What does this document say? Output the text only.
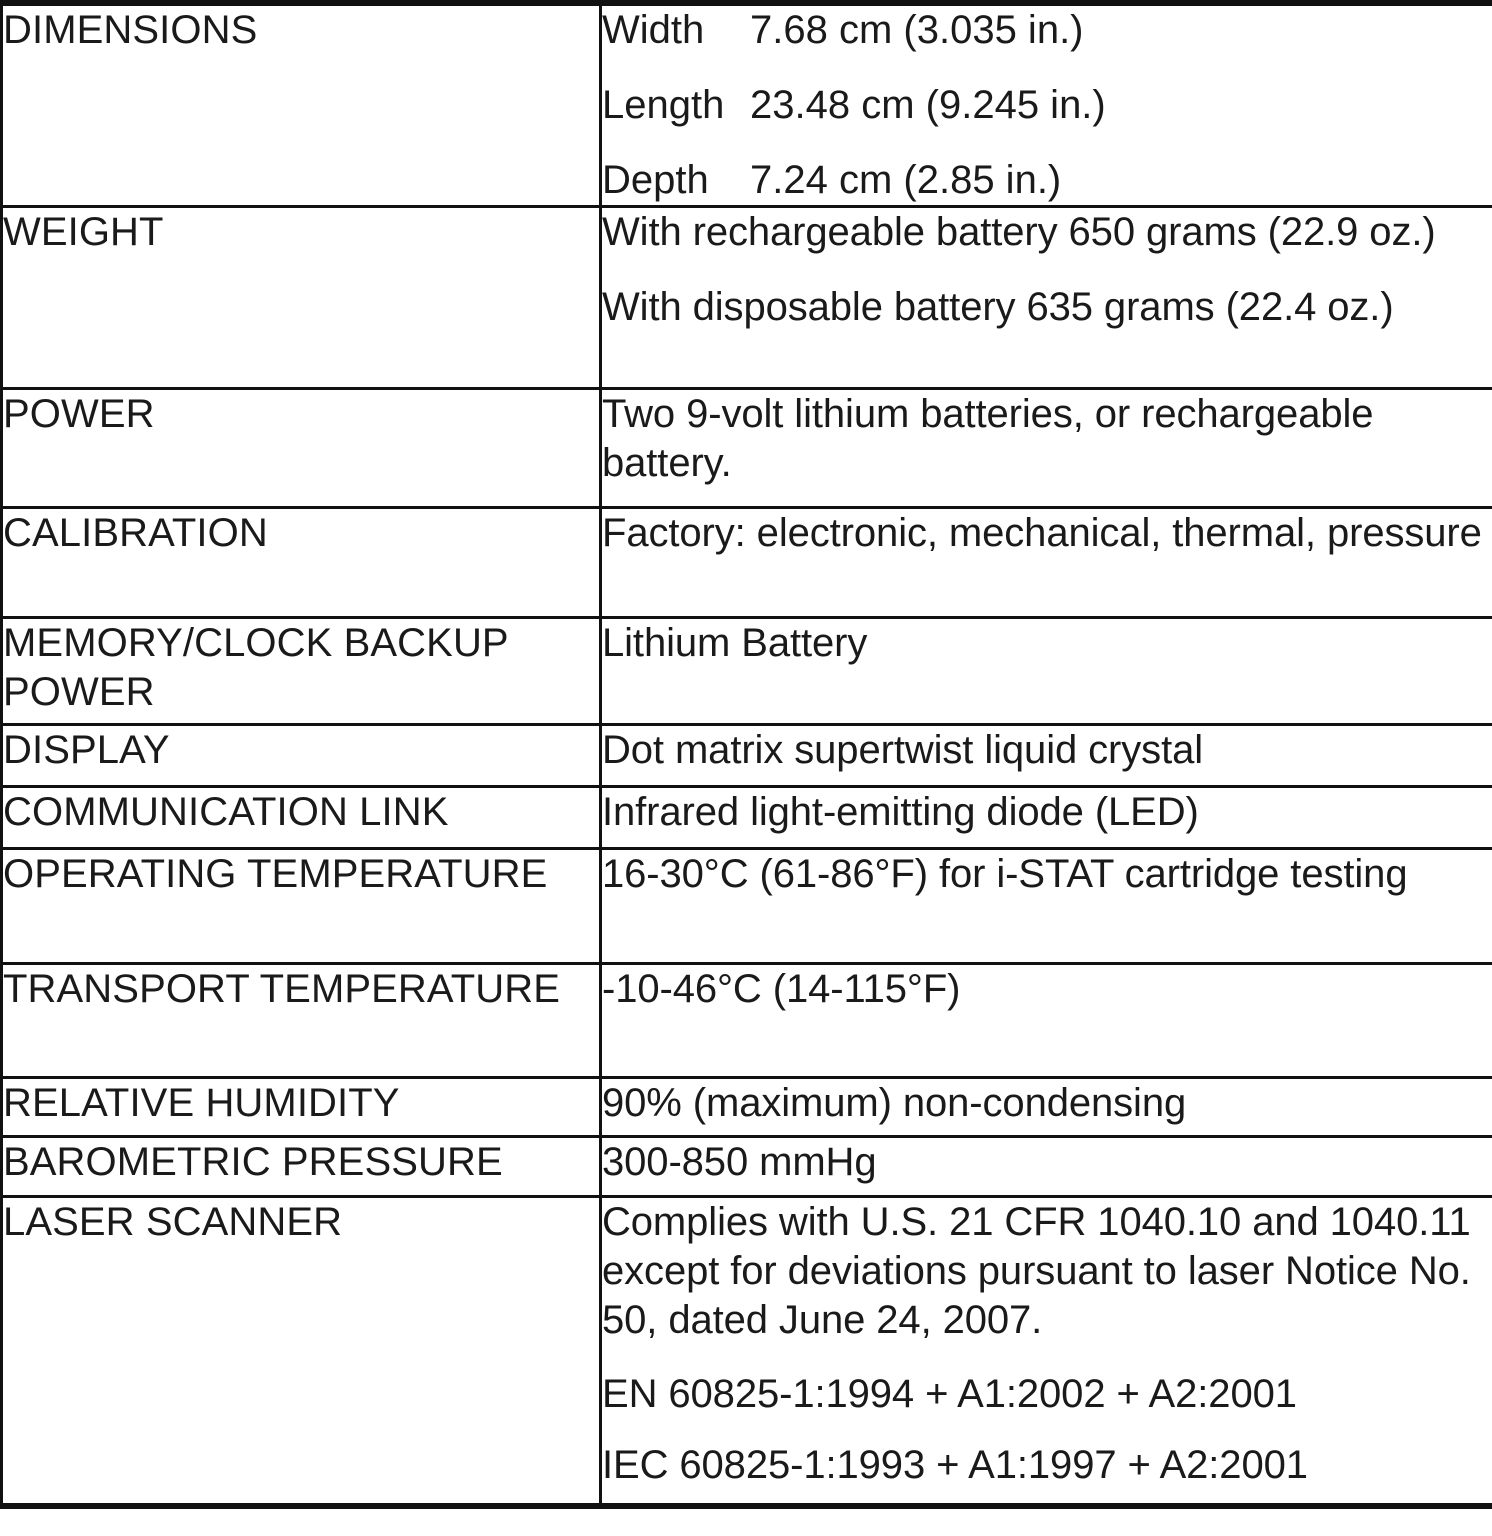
DIMENSIONS	Width	7.68 cm (3.035 in.)
Length 23.48 cm (9.245 in.)
Depth	7.24 cm (2.85 in.)

WEIGHT	With rechargeable battery 650 grams (22.9 oz.)
With disposable battery 635 grams (22.4 oz.)

POWER	Two 9-volt lithium batteries, or rechargeable battery.

CALIBRATION	Factory: electronic, mechanical, thermal, pressure

MEMORY/CLOCK BACKUP POWER	Lithium Battery

DISPLAY	Dot matrix supertwist liquid crystal

COMMUNICATION LINK	Infrared light-emitting diode (LED)

OPERATING TEMPERATURE	16-30°C (61-86°F) for i-STAT cartridge testing

TRANSPORT TEMPERATURE	-10-46°C (14-115°F)

RELATIVE HUMIDITY	90% (maximum) non-condensing

BAROMETRIC PRESSURE	300-850 mmHg

LASER SCANNER	Complies with U.S. 21 CFR 1040.10 and 1040.11 except for deviations pursuant to laser Notice No. 50, dated June 24, 2007.
EN 60825-1:1994 + A1:2002 + A2:2001
IEC 60825-1:1993 + A1:1997 + A2:2001
